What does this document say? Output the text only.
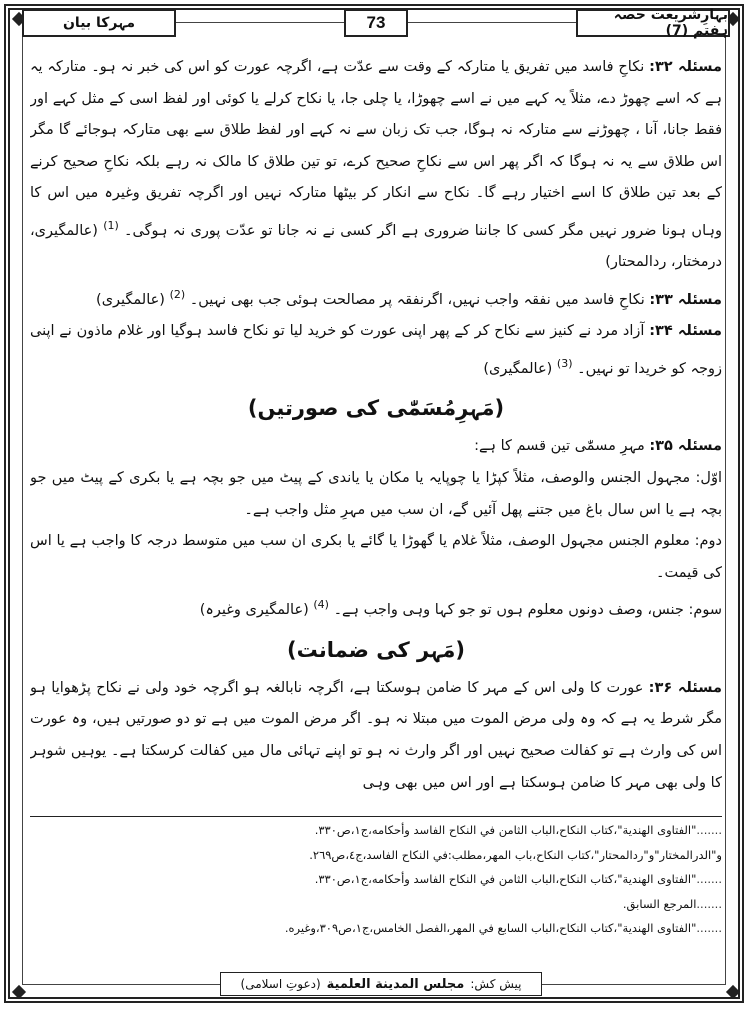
مہرکا بیان	73	بہارِشریعت حصہ ہفتم (7)

مسئلہ ۳۲: نکاحِ فاسد میں تفریق یا متارکہ کے وقت سے عدّت ہے، اگرچہ عورت کو اس کی خبر نہ ہو۔ متارکہ یہ ہے کہ اسے چھوڑ دے، مثلاً یہ کہے میں نے اسے چھوڑا، یا چلی جا، یا نکاح کرلے یا کوئی اور لفظ اسی کے مثل کہے اور فقط جانا، آنا ، چھوڑنے سے متارکہ نہ ہوگا، جب تک زبان سے نہ کہے اور لفظ طلاق سے بھی متارکہ ہوجائے گا مگر اس طلاق سے یہ نہ ہوگا کہ اگر پھر اس سے نکاحِ صحیح کرے، تو تین طلاق کا مالک نہ رہے بلکہ نکاحِ صحیح کرنے کے بعد تین طلاق کا اسے اختیار رہے گا۔ نکاح سے انکار کر بیٹھا متارکہ نہیں اور اگرچہ تفریق وغیرہ میں اس کا وہاں ہونا ضرور نہیں مگر کسی کا جاننا ضروری ہے اگر کسی نے نہ جانا تو عدّت پوری نہ ہوگی۔ $^{(1)}$ (عالمگیری، درمختار، ردالمحتار)

مسئلہ ۳۳: نکاحِ فاسد میں نفقہ واجب نہیں، اگرنفقہ پر مصالحت ہوئی جب بھی نہیں۔ $^{(2)}$ (عالمگیری)

مسئلہ ۳۴: آزاد مرد نے کنیز سے نکاح کر کے پھر اپنی عورت کو خرید لیا تو نکاح فاسد ہوگیا اور غلام ماذون نے اپنی زوجہ کو خریدا تو نہیں۔ $^{(3)}$ (عالمگیری)

(مَہرِمُسَمّٰی کی صورتیں)

مسئلہ ۳۵: مہرِ مسمّٰی تین قسم کا ہے:

اوّل: مجہول الجنس والوصف، مثلاً کپڑا یا چوپایہ یا مکان یا یاندی کے پیٹ میں جو بچہ ہے یا بکری کے پیٹ میں جو بچہ ہے یا اس سال باغ میں جتنے پھل آئیں گے، ان سب میں مہرِ مثل واجب ہے۔

دوم: معلوم الجنس مجہول الوصف، مثلاً غلام یا گھوڑا یا گائے یا بکری ان سب میں متوسط درجہ کا واجب ہے یا اس کی قیمت۔

سوم: جنس، وصف دونوں معلوم ہوں تو جو کہا وہی واجب ہے۔ $^{(4)}$ (عالمگیری وغیرہ)

(مَہر کی ضمانت)

مسئلہ ۳۶: عورت کا ولی اس کے مہر کا ضامن ہوسکتا ہے، اگرچہ نابالغہ ہو اگرچہ خود ولی نے نکاح پڑھوایا ہو مگر شرط یہ ہے کہ وہ ولی مرض الموت میں مبتلا نہ ہو۔ اگر مرض الموت میں ہے تو دو صورتیں ہیں، وہ عورت اس کی وارث ہے تو کفالت صحیح نہیں اور اگر وارث نہ ہو تو اپنے تہائی مال میں کفالت کرسکتا ہے۔ یوہیں شوہر کا ولی بھی مہر کا ضامن ہوسکتا ہے اور اس میں بھی وہی

......."الفتاوى الهندية"،كتاب النكاح،الباب الثامن في النكاح الفاسد وأحكامه،ج١،ص٣٣٠.
و"الدرالمختار"و"ردالمحتار"،كتاب النكاح،باب المهر،مطلب:في النكاح الفاسد،ج٤،ص٢٦٩.
......."الفتاوى الهندية"،كتاب النكاح،الباب الثامن في النكاح الفاسد وأحكامه،ج١،ص٣٣٠.
.......المرجع السابق.
......."الفتاوى الهندية"،كتاب النكاح،الباب السابع في المهر،الفصل الخامس،ج١،ص٣٠٩،وغيره.
پیش کش:
مجلس المدينة العلمية
(دعوتِ اسلامی)
